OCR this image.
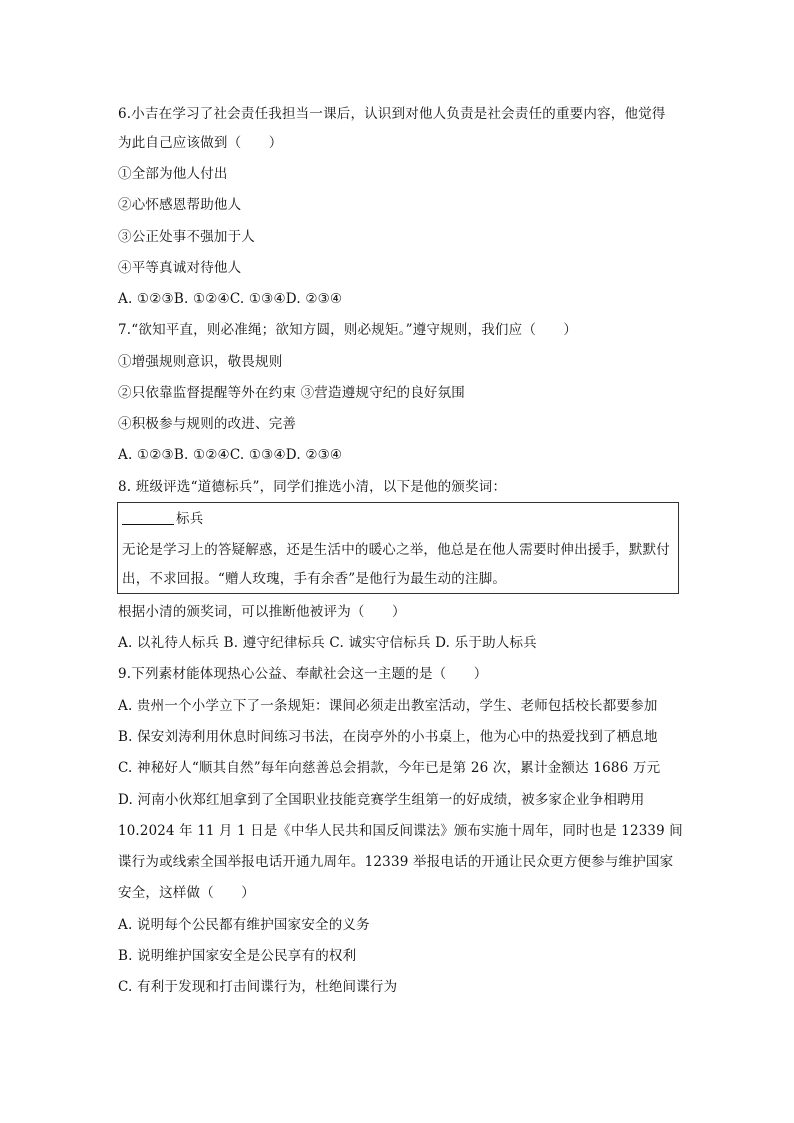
6.小吉在学习了社会责任我担当一课后，认识到对他人负责是社会责任的重要内容，他觉得
为此自己应该做到（　　）
①全部为他人付出
②心怀感恩帮助他人
③公正处事不强加于人
④平等真诚对待他人
A. ①②③B. ①②④C. ①③④D. ②③④
7.“欲知平直，则必准绳；欲知方圆，则必规矩。”遵守规则，我们应（　　）
①增强规则意识，敬畏规则
②只依靠监督提醒等外在约束 ③营造遵规守纪的良好氛围
④积极参与规则的改进、完善
A. ①②③B. ①②④C. ①③④D. ②③④
8. 班级评选“道德标兵”，同学们推选小清，以下是他的颁奖词：
标兵
无论是学习上的答疑解惑，还是生活中的暖心之举，他总是在他人需要时伸出援手，默默付
出，不求回报。“赠人玫瑰，手有余香”是他行为最生动的注脚。
根据小清的颁奖词，可以推断他被评为（　　）
A. 以礼待人标兵 B. 遵守纪律标兵 C. 诚实守信标兵 D. 乐于助人标兵
9.下列素材能体现热心公益、奉献社会这一主题的是（　　）
A. 贵州一个小学立下了一条规矩：课间必须走出教室活动，学生、老师包括校长都要参加
B. 保安刘涛利用休息时间练习书法，在岗亭外的小书桌上，他为心中的热爱找到了栖息地
C. 神秘好人“顺其自然”每年向慈善总会捐款，今年已是第 26 次，累计金额达 1686 万元
D. 河南小伙郑红旭拿到了全国职业技能竞赛学生组第一的好成绩，被多家企业争相聘用
10.2024 年 11 月 1 日是《中华人民共和国反间谍法》颁布实施十周年，同时也是 12339 间
谍行为或线索全国举报电话开通九周年。12339 举报电话的开通让民众更方便参与维护国家
安全，这样做（　　）
A. 说明每个公民都有维护国家安全的义务
B. 说明维护国家安全是公民享有的权利
C. 有利于发现和打击间谍行为，杜绝间谍行为
